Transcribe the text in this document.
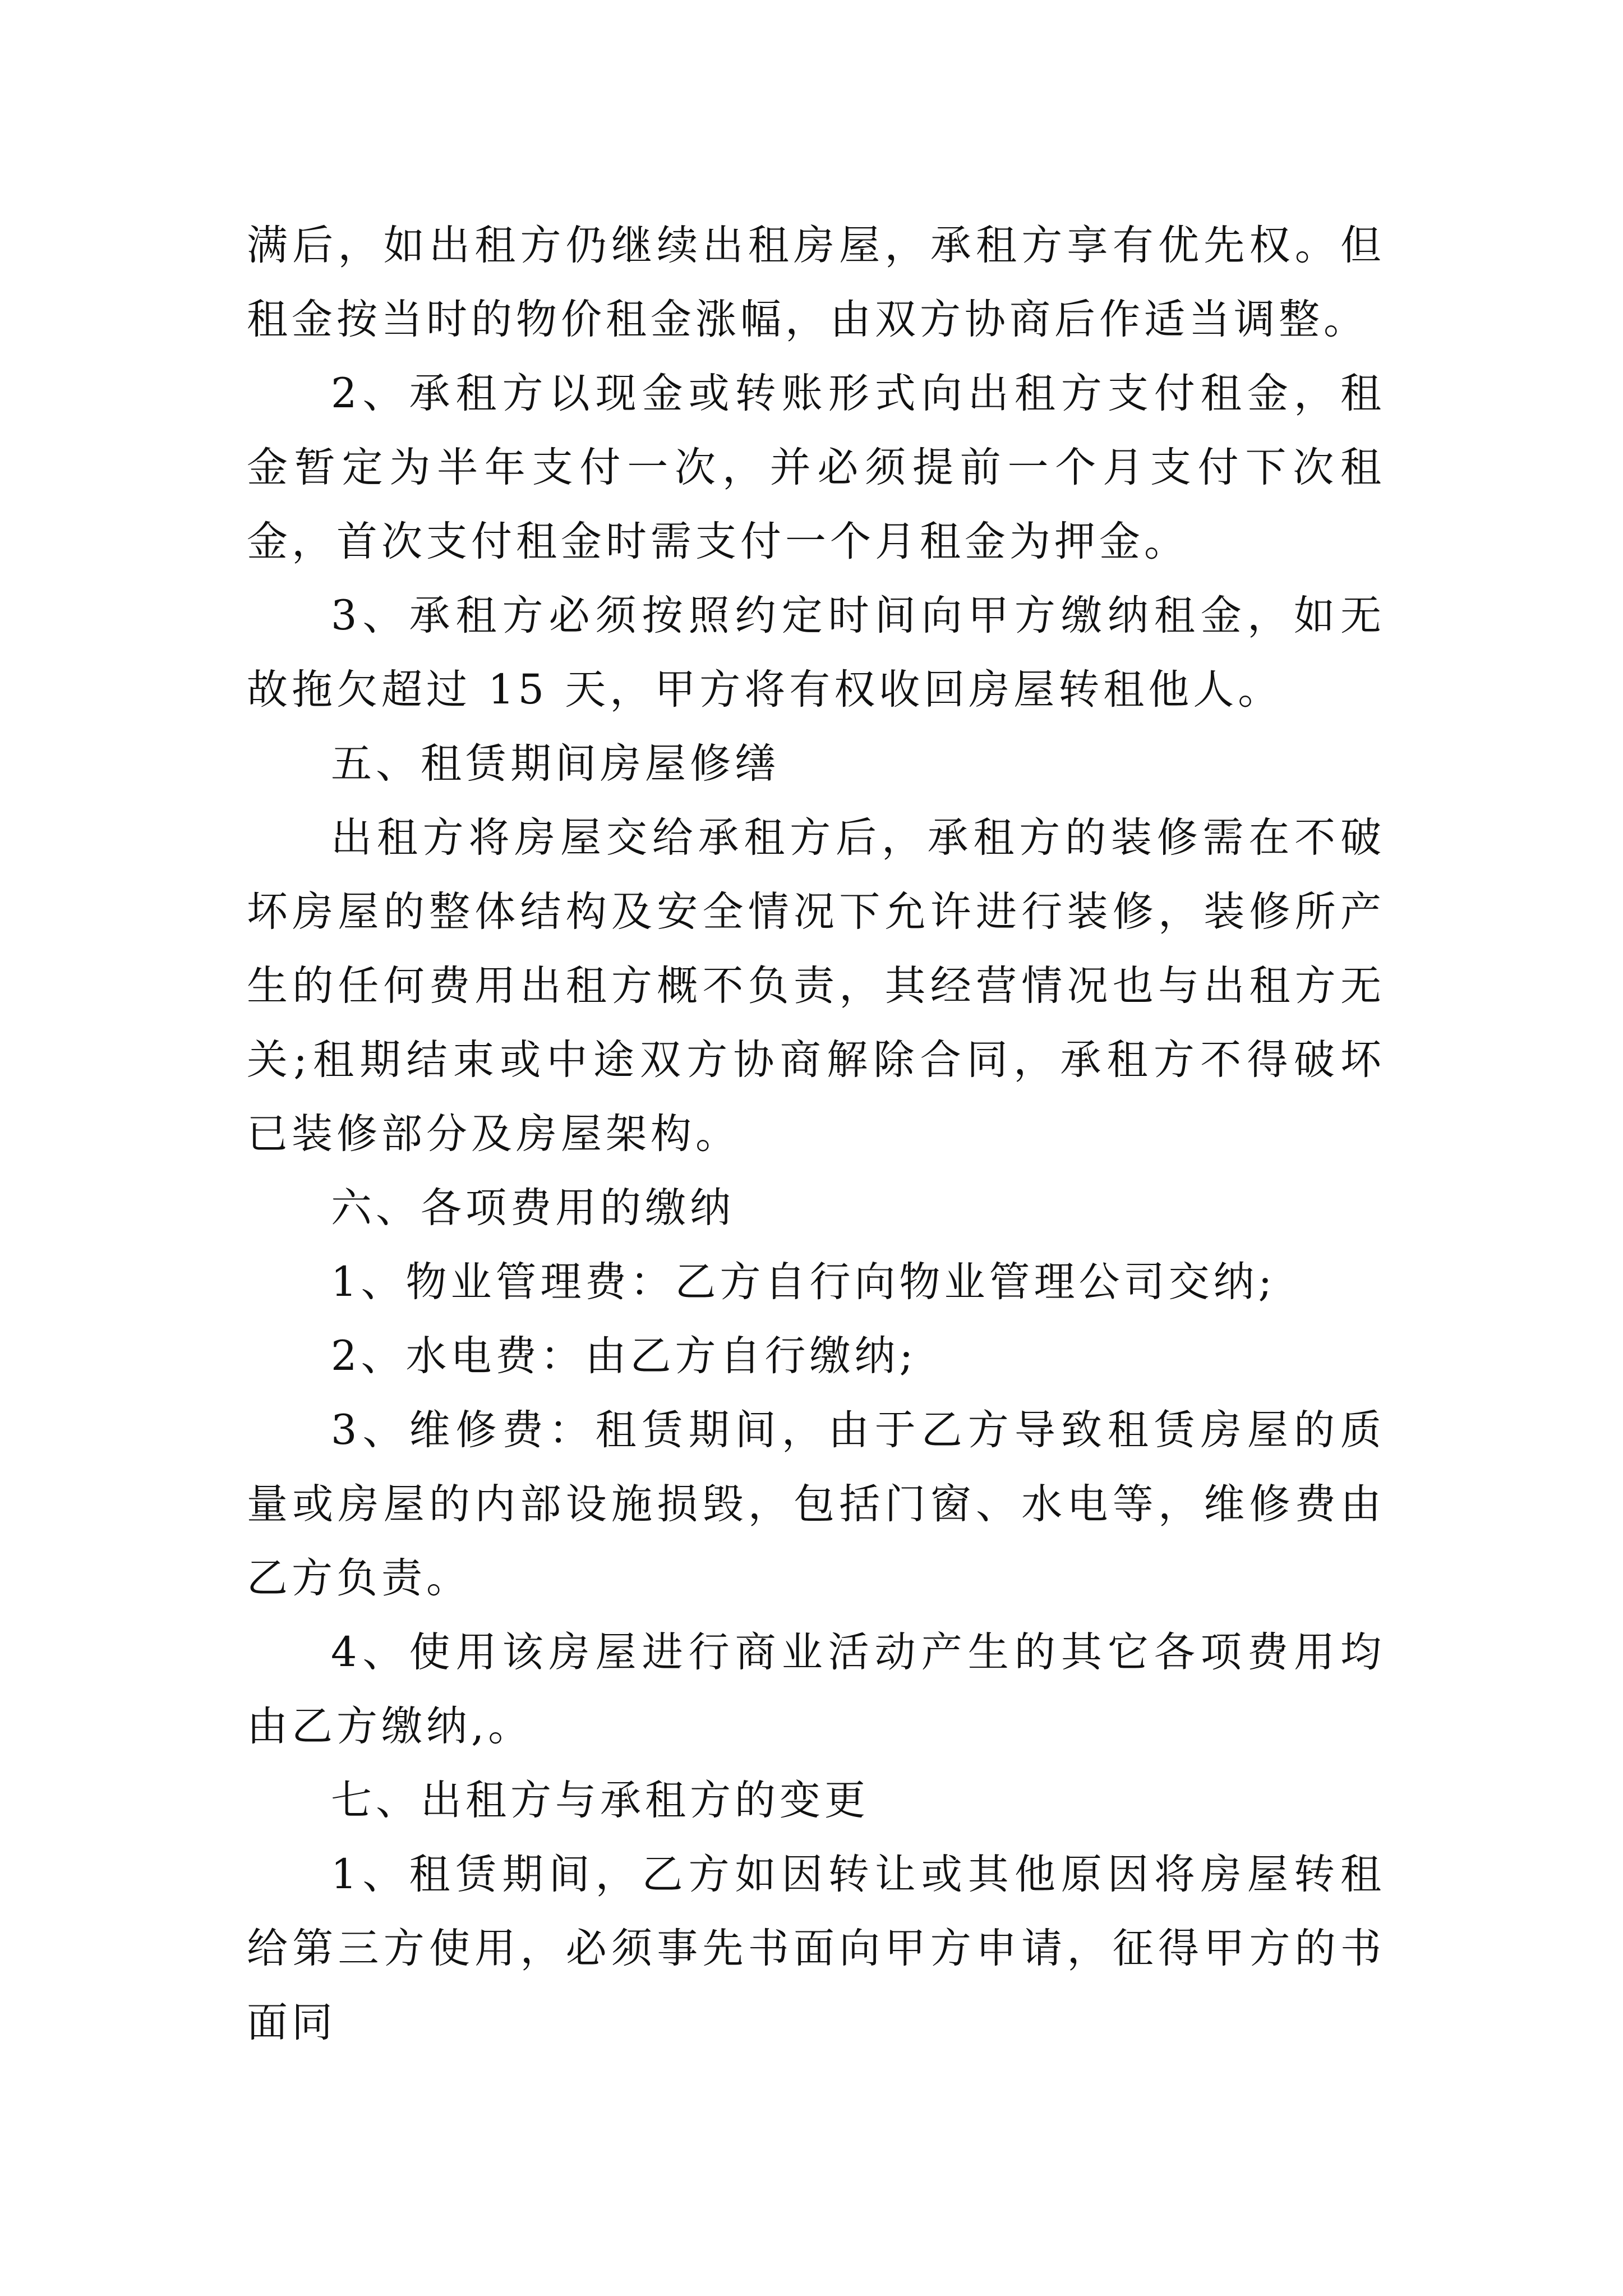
满后，如出租方仍继续出租房屋，承租方享有优先权。但租金按当时的物价租金涨幅，由双方协商后作适当调整。

2、承租方以现金或转账形式向出租方支付租金，租金暂定为半年支付一次，并必须提前一个月支付下次租金，首次支付租金时需支付一个月租金为押金。

3、承租方必须按照约定时间向甲方缴纳租金，如无故拖欠超过 15 天，甲方将有权收回房屋转租他人。

五、租赁期间房屋修缮

出租方将房屋交给承租方后，承租方的装修需在不破坏房屋的整体结构及安全情况下允许进行装修，装修所产生的任何费用出租方概不负责，其经营情况也与出租方无关;租期结束或中途双方协商解除合同，承租方不得破坏已装修部分及房屋架构。

六、各项费用的缴纳

1、物业管理费：乙方自行向物业管理公司交纳;

2、水电费：由乙方自行缴纳;

3、维修费：租赁期间，由于乙方导致租赁房屋的质量或房屋的内部设施损毁，包括门窗、水电等，维修费由乙方负责。

4、使用该房屋进行商业活动产生的其它各项费用均由乙方缴纳,。

七、出租方与承租方的变更

1、租赁期间，乙方如因转让或其他原因将房屋转租给第三方使用，必须事先书面向甲方申请，征得甲方的书面同
